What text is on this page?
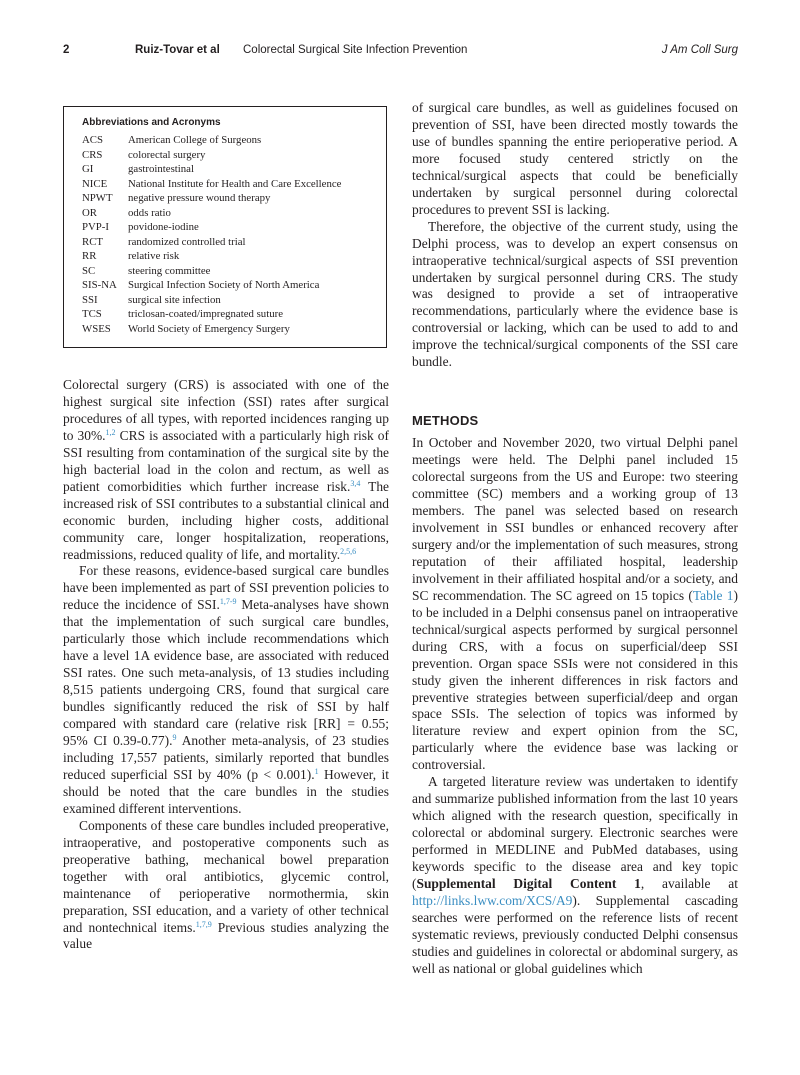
2	Ruiz-Tovar et al Colorectal Surgical Site Infection Prevention	J Am Coll Surg
Abbreviations and Acronyms
ACS American College of Surgeons
CRS colorectal surgery
GI	gastrointestinal
NICE National Institute for Health and Care Excellence
NPWT negative pressure wound therapy
OR	odds ratio
PVP-I povidone-iodine
RCT randomized controlled trial
RR	relative risk
SC	steering committee
SIS-NA Surgical Infection Society of North America
SSI	surgical site infection
TCS triclosan-coated/impregnated suture
WSES World Society of Emergency Surgery

Colorectal surgery (CRS) is associated with one of the highest surgical site infection (SSI) rates after surgical procedures of all types, with reported incidences ranging up to 30%.$^{1,2}$ CRS is associated with a particularly high risk of SSI resulting from contamination of the surgical site by the high bacterial load in the colon and rectum, as well as patient comorbidities which further increase risk.$^{3,4}$ The increased risk of SSI contributes to a substantial clinical and economic burden, including higher costs, additional community care, longer hospitalization, reoperations, readmissions, reduced quality of life, and mortality.$^{2,5,6}$

For these reasons, evidence-based surgical care bundles have been implemented as part of SSI prevention policies to reduce the incidence of SSI.$^{1,7-9}$ Meta-analyses have shown that the implementation of such surgical care bundles, particularly those which include recommendations which have a level 1A evidence base, are associated with reduced SSI rates. One such meta-analysis, of 13 studies including 8,515 patients undergoing CRS, found that surgical care bundles significantly reduced the risk of SSI by half compared with standard care (relative risk [RR] = 0.55; 95% CI 0.39-0.77).$^9$ Another meta-analysis, of 23 studies including 17,557 patients, similarly reported that bundles reduced superficial SSI by 40% (p < 0.001).$^1$ However, it should be noted that the care bundles in the studies examined different interventions.

Components of these care bundles included preoperative, intraoperative, and postoperative components such as preoperative bathing, mechanical bowel preparation together with oral antibiotics, glycemic control, maintenance of perioperative normothermia, skin preparation, SSI education, and a variety of other technical and nontechnical items.$^{1,7,9}$ Previous studies analyzing the value

of surgical care bundles, as well as guidelines focused on prevention of SSI, have been directed mostly towards the use of bundles spanning the entire perioperative period. A more focused study centered strictly on the technical/surgical aspects that could be beneficially undertaken by surgical personnel during colorectal procedures to prevent SSI is lacking.

Therefore, the objective of the current study, using the Delphi process, was to develop an expert consensus on intraoperative technical/surgical aspects of SSI prevention undertaken by surgical personnel during CRS. The study was designed to provide a set of intraoperative recommendations, particularly where the evidence base is controversial or lacking, which can be used to add to and improve the technical/surgical components of the SSI care bundle.

METHODS

In October and November 2020, two virtual Delphi panel meetings were held. The Delphi panel included 15 colorectal surgeons from the US and Europe: two steering committee (SC) members and a working group of 13 members. The panel was selected based on research involvement in SSI bundles or enhanced recovery after surgery and/or the implementation of such measures, strong reputation of their affiliated hospital, leadership involvement in their affiliated hospital and/or a society, and SC recommendation. The SC agreed on 15 topics (Table 1) to be included in a Delphi consensus panel on intraoperative technical/surgical aspects performed by surgical personnel during CRS, with a focus on superficial/deep SSI prevention. Organ space SSIs were not considered in this study given the inherent differences in risk factors and preventive strategies between superficial/deep and organ space SSIs. The selection of topics was informed by literature review and expert opinion from the SC, particularly where the evidence base was lacking or controversial.

A targeted literature review was undertaken to identify and summarize published information from the last 10 years which aligned with the research question, specifically in colorectal or abdominal surgery. Electronic searches were performed in MEDLINE and PubMed databases, using keywords specific to the disease area and key topic (Supplemental Digital Content 1, available at http://links.lww.com/XCS/A9). Supplemental cascading searches were performed on the reference lists of recent systematic reviews, previously conducted Delphi consensus studies and guidelines in colorectal or abdominal surgery, as well as national or global guidelines which
